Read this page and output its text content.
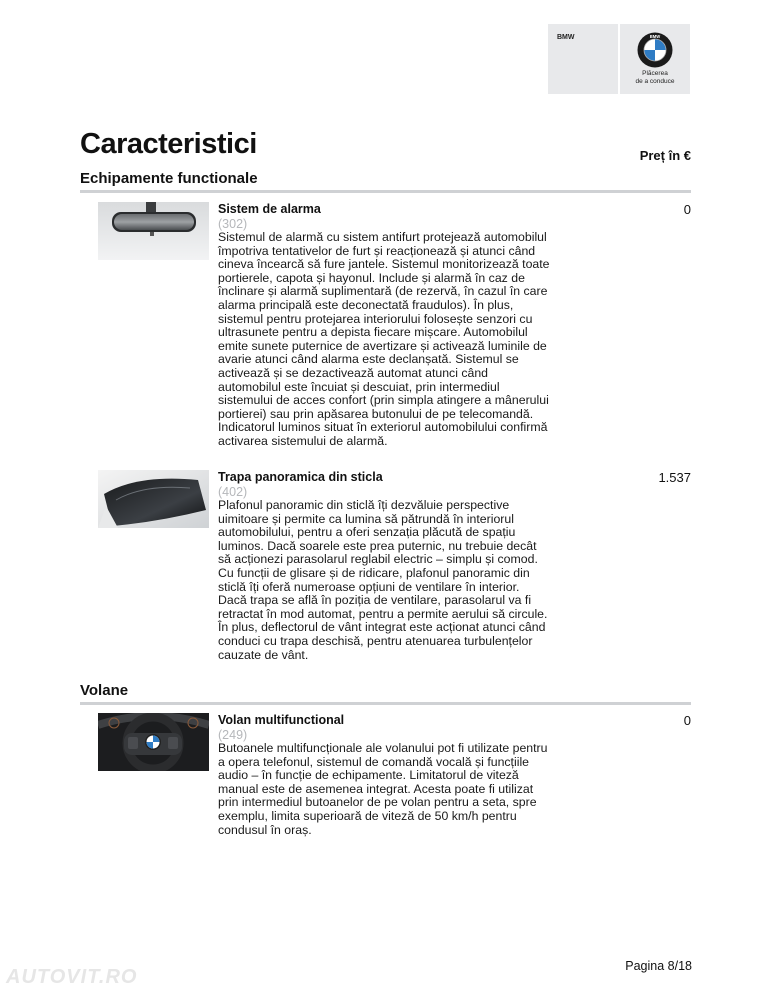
BMW	BMW
Plăcerea
de a conduce
Caracteristici	Preț în €
Echipamente functionale
Sistem de alarma
(302)
Sistemul de alarmă cu sistem antifurt protejează automobilul împotriva tentativelor de furt și reacționează și atunci când cineva încearcă să fure jantele. Sistemul monitorizează toate portierele, capota și hayonul. Include și alarmă în caz de înclinare și alarmă suplimentară (de rezervă, în cazul în care alarma principală este deconectată fraudulos). În plus, sistemul pentru protejarea interiorului folosește senzori cu ultrasunete pentru a depista fiecare mișcare. Automobilul emite sunete puternice de avertizare și activează luminile de avarie atunci când alarma este declanșată. Sistemul se activează și se dezactivează automat atunci când automobilul este încuiat și descuiat, prin intermediul sistemului de acces confort (prin simpla atingere a mânerului portierei) sau prin apăsarea butonului de pe telecomandă. Indicatorul luminos situat în exteriorul automobilului confirmă activarea sistemului de alarmă.
0
Trapa panoramica din sticla
(402)
Plafonul panoramic din sticlă îți dezvăluie perspective uimitoare și permite ca lumina să pătrundă în interiorul automobilului, pentru a oferi senzația plăcută de spațiu luminos. Dacă soarele este prea puternic, nu trebuie decât să acționezi parasolarul reglabil electric – simplu și comod. Cu funcții de glisare și de ridicare, plafonul panoramic din sticlă îți oferă numeroase opțiuni de ventilare în interior. Dacă trapa se află în poziția de ventilare, parasolarul va fi retractat în mod automat, pentru a permite aerului să circule. În plus, deflectorul de vânt integrat este acționat atunci când conduci cu trapa deschisă, pentru atenuarea turbulențelor cauzate de vânt.
1.537
Volane
Volan multifunctional
(249)
Butoanele multifuncționale ale volanului pot fi utilizate pentru a opera telefonul, sistemul de comandă vocală și funcțiile audio – în funcție de echipamente. Limitatorul de viteză manual este de asemenea integrat. Acesta poate fi utilizat prin intermediul butoanelor de pe volan pentru a seta, spre exemplu, limita superioară de viteză de 50 km/h pentru condusul în oraș.
0
Pagina 8/18
AUTOVIT.RO
